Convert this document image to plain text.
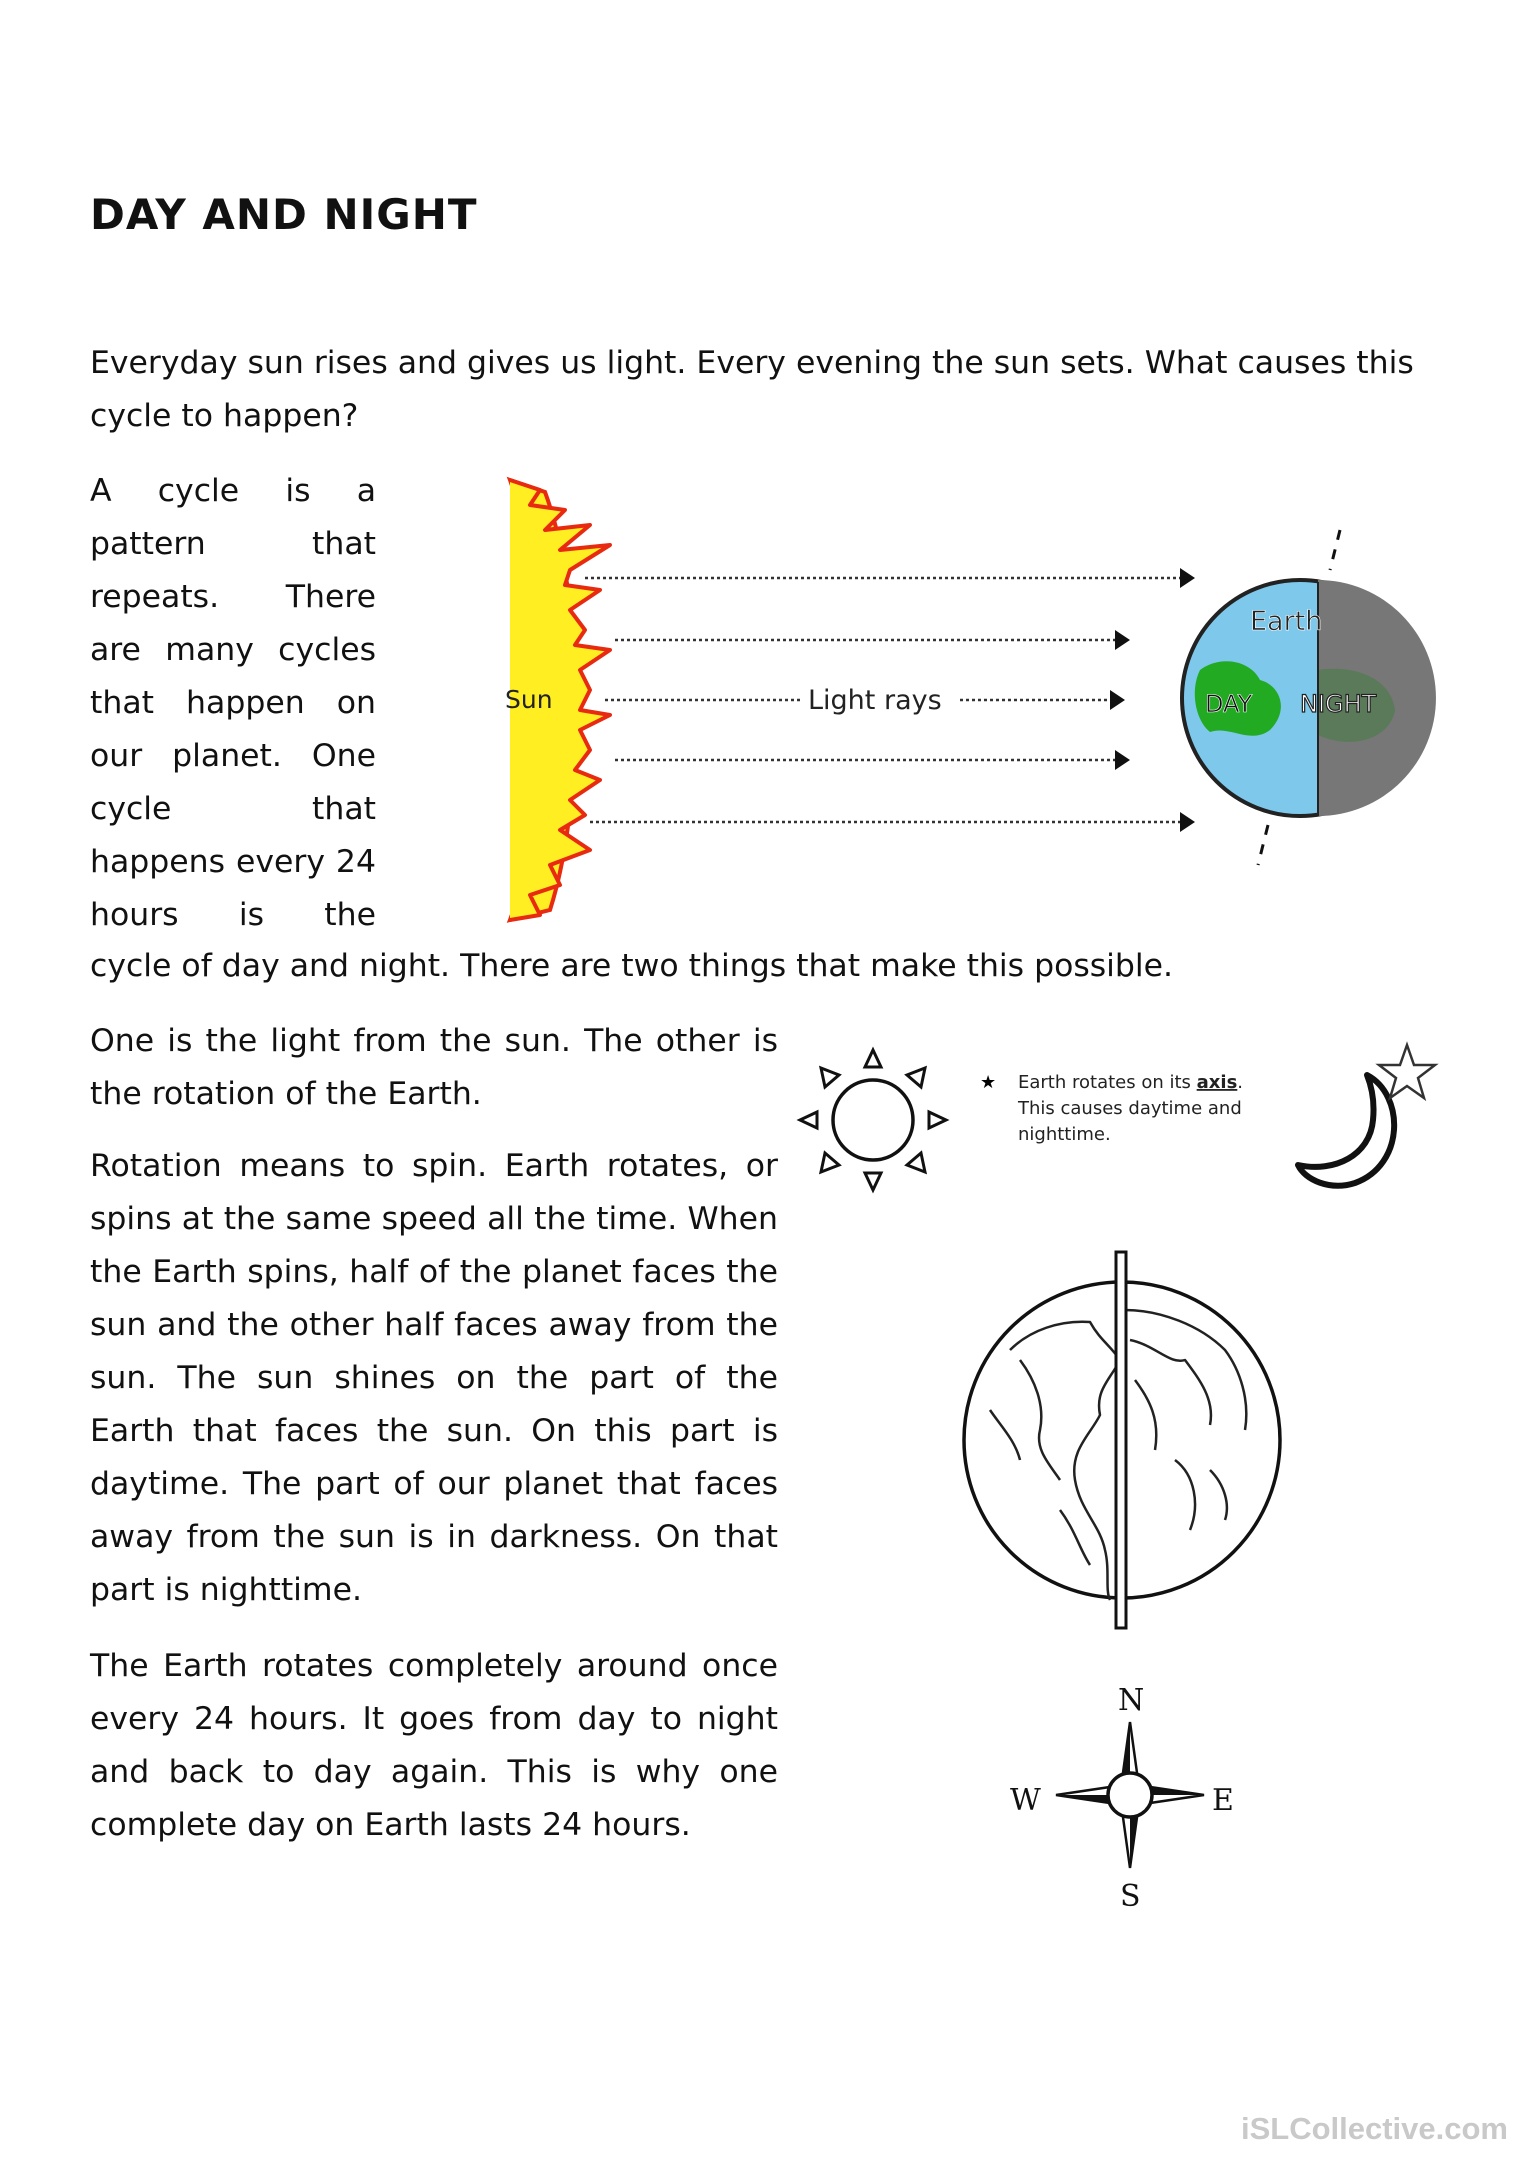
DAY AND NIGHT

Everyday sun rises and gives us light. Every evening the sun sets. What causes this cycle to happen?

A cycle is a pattern that repeats. There are many cycles that happen on our planet. One cycle that happens every 24 hours is the

cycle of day and night. There are two things that make this possible.

Sun	Light rays
Earth
DAY NIGHT

One is the light from the sun. The other is the rotation of the Earth.	★ Earth rotates on its axis.
This causes daytime and
nighttime.

Rotation means to spin. Earth rotates, or spins at the same speed all the time. When the Earth spins, half of the planet faces the sun and the other half faces away from the sun. The sun shines on the part of the Earth that faces the sun. On this part is daytime. The part of our planet that faces away from the sun is in darkness. On that part is nighttime.

The Earth rotates completely around once every 24 hours. It goes from day to night and back to day again. This is why one complete day on Earth lasts 24 hours.

N
S
W	E
iSLCollective.com
